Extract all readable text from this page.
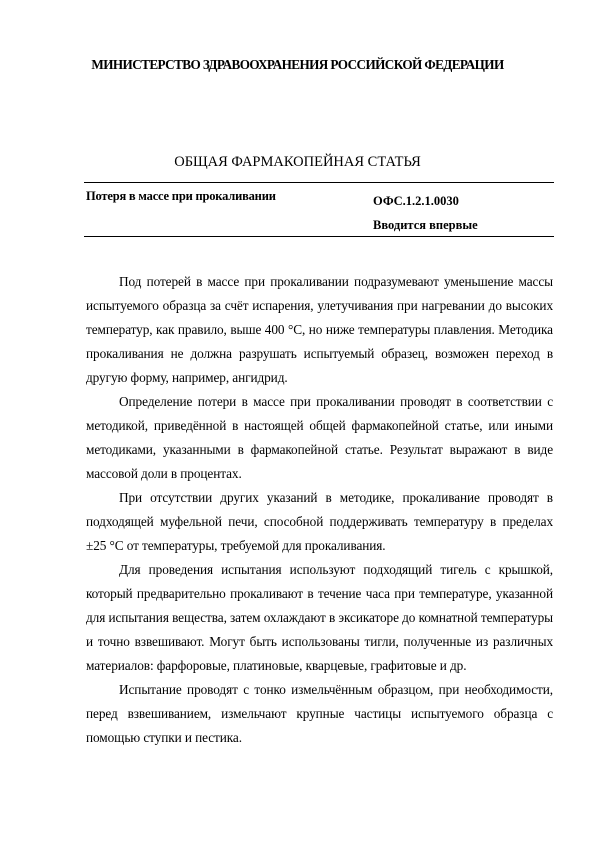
МИНИСТЕРСТВО ЗДРАВООХРАНЕНИЯ РОССИЙСКОЙ ФЕДЕРАЦИИ
ОБЩАЯ ФАРМАКОПЕЙНАЯ СТАТЬЯ
Потеря в массе при прокаливании	ОФС.1.2.1.0030
Вводится впервые

Под потерей в массе при прокаливании подразумевают уменьшение массы испытуемого образца за счёт испарения, улетучивания при нагревании до высоких температур, как правило, выше 400 °С, но ниже температуры плавления. Методика прокаливания не должна разрушать испытуемый образец, возможен переход в другую форму, например, ангидрид.

Определение потери в массе при прокаливании проводят в соответствии с методикой, приведённой в настоящей общей фармакопейной статье, или иными методиками, указанными в фармакопейной статье. Результат выражают в виде массовой доли в процентах.

При отсутствии других указаний в методике, прокаливание проводят в подходящей муфельной печи, способной поддерживать температуру в пределах ±25 °С от температуры, требуемой для прокаливания.

Для проведения испытания используют подходящий тигель с крышкой, который предварительно прокаливают в течение часа при температуре, указанной для испытания вещества, затем охлаждают в эксикаторе до комнатной температуры и точно взвешивают. Могут быть использованы тигли, полученные из различных материалов: фарфоровые, платиновые, кварцевые, графитовые и др.

Испытание проводят с тонко измельчённым образцом, при необходимости, перед взвешиванием, измельчают крупные частицы испытуемого образца с помощью ступки и пестика.
